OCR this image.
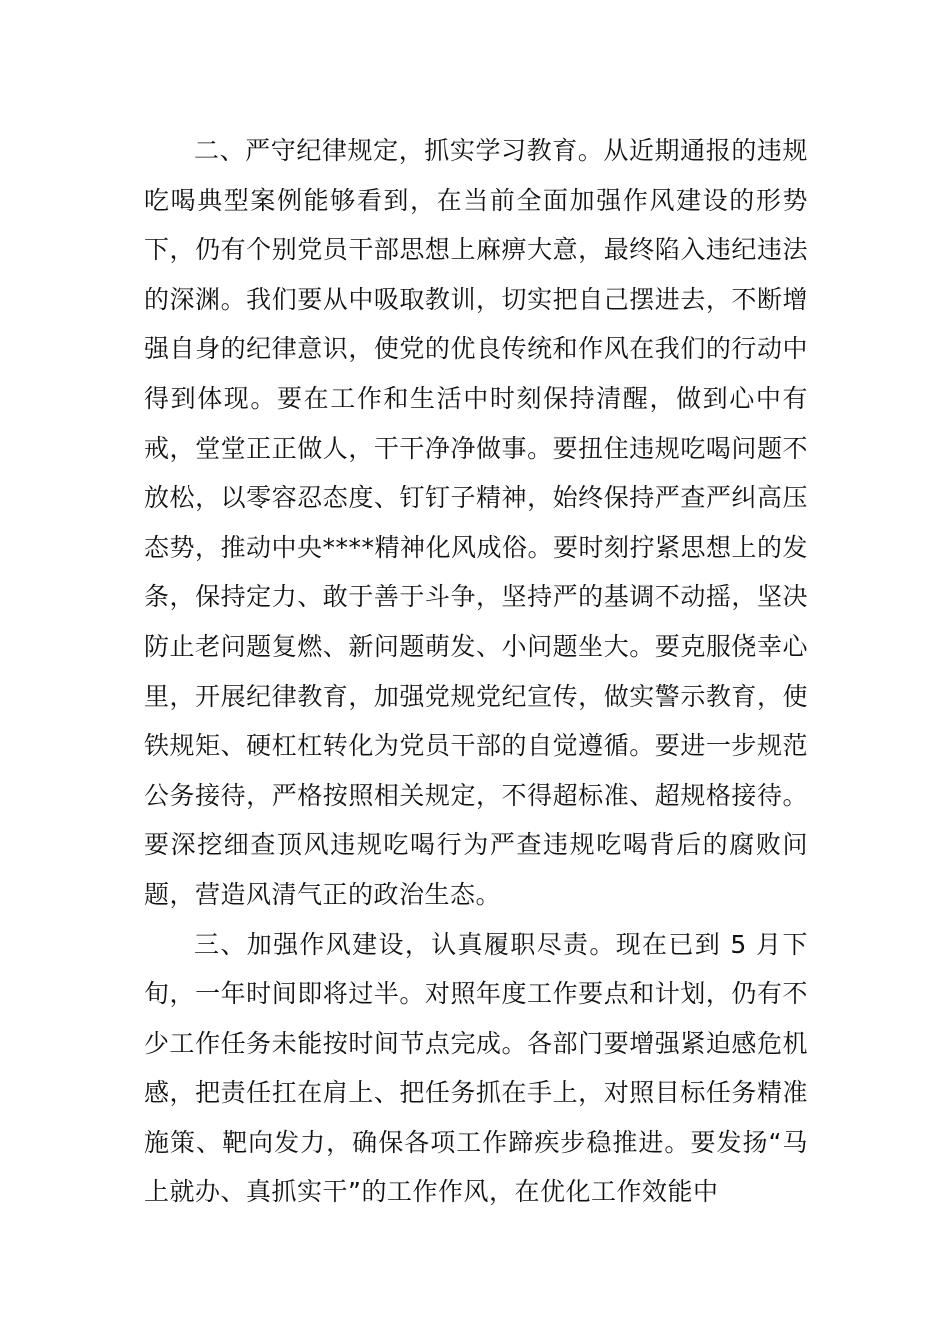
二、严守纪律规定，抓实学习教育。从近期通报的违规吃喝典型案例能够看到，在当前全面加强作风建设的形势下，仍有个别党员干部思想上麻痹大意，最终陷入违纪违法的深渊。我们要从中吸取教训，切实把自己摆进去，不断增强自身的纪律意识，使党的优良传统和作风在我们的行动中得到体现。要在工作和生活中时刻保持清醒，做到心中有戒，堂堂正正做人，干干净净做事。要扭住违规吃喝问题不放松，以零容忍态度、钉钉子精神，始终保持严查严纠高压态势，推动中央****精神化风成俗。要时刻拧紧思想上的发条，保持定力、敢于善于斗争，坚持严的基调不动摇，坚决防止老问题复燃、新问题萌发、小问题坐大。要克服侥幸心里，开展纪律教育，加强党规党纪宣传，做实警示教育，使铁规矩、硬杠杠转化为党员干部的自觉遵循。要进一步规范公务接待，严格按照相关规定，不得超标准、超规格接待。要深挖细查顶风违规吃喝行为严查违规吃喝背后的腐败问题，营造风清气正的政治生态。

三、加强作风建设，认真履职尽责。现在已到 5 月下旬，一年时间即将过半。对照年度工作要点和计划，仍有不少工作任务未能按时间节点完成。各部门要增强紧迫感危机感，把责任扛在肩上、把任务抓在手上，对照目标任务精准施策、靶向发力，确保各项工作蹄疾步稳推进。要发扬“马上就办、真抓实干”的工作作风，在优化工作效能中
